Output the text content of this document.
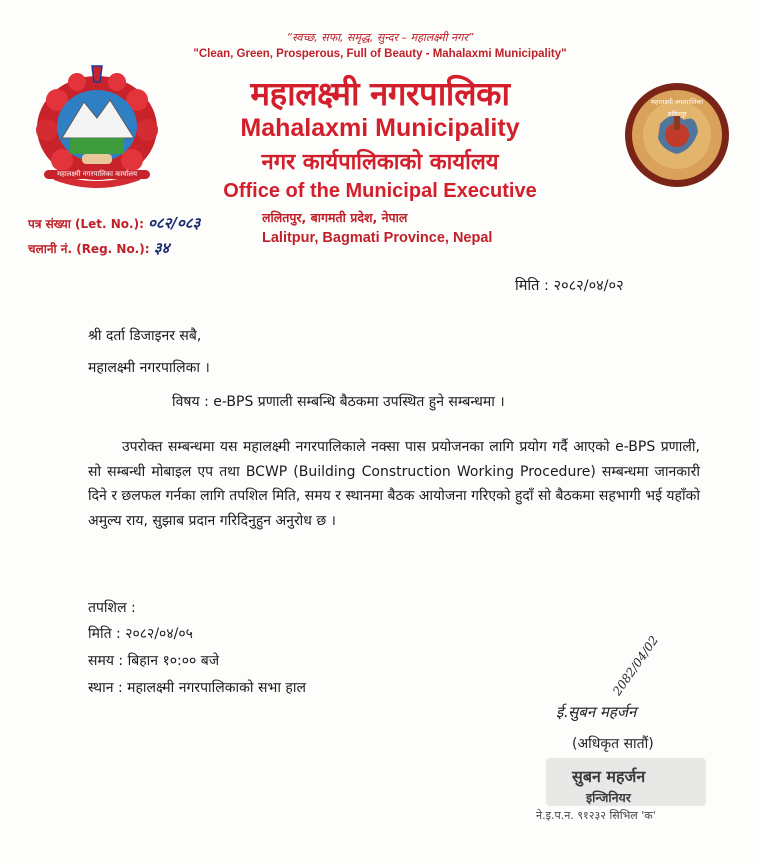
महालक्ष्मी नगरपालिका कार्यालय
महालक्ष्मी नगरपालिका
ललितपुर
“स्वच्छ, सफा, समृद्ध, सुन्दर – महालक्ष्मी नगर”
"Clean, Green, Prosperous, Full of Beauty - Mahalaxmi Municipality"
महालक्ष्मी नगरपालिका
Mahalaxmi Municipality
नगर कार्यपालिकाको कार्यालय
Office of the Municipal Executive
ललितपुर, बागमती प्रदेश, नेपाल
Lalitpur, Bagmati Province, Nepal
पत्र संख्या (Let. No.): ०८२/०८३
चलानी नं. (Reg. No.): ३४
मिति : २०८२/०४/०२
श्री दर्ता डिजाइनर सबै,
महालक्ष्मी नगरपालिका ।
विषय : e-BPS प्रणाली सम्बन्धि बैठकमा उपस्थित हुने सम्बन्धमा ।
उपरोक्त सम्बन्धमा यस महालक्ष्मी नगरपालिकाले नक्सा पास प्रयोजनका लागि प्रयोग गर्दै आएको e-BPS प्रणाली, सो सम्बन्धी मोबाइल एप तथा BCWP (Building Construction Working Procedure) सम्बन्धमा जानकारी दिने र छलफल गर्नका लागि तपशिल मिति, समय र स्थानमा बैठक आयोजना गरिएको हुदाँ सो बैठकमा सहभागी भई यहाँको अमुल्य राय, सुझाब प्रदान गरिदिनुहुन अनुरोध छ ।
तपशिल :
मिति : २०८२/०४/०५
समय : बिहान १०:०० बजे
स्थान : महालक्ष्मी नगरपालिकाको सभा हाल
ई.सुबन महर्जन
(अधिकृत सातौं)
2082/04/02
सुबन महर्जन
इन्जिनियर
ने.इ.प.न. ९१२३२ सिभिल 'क'
